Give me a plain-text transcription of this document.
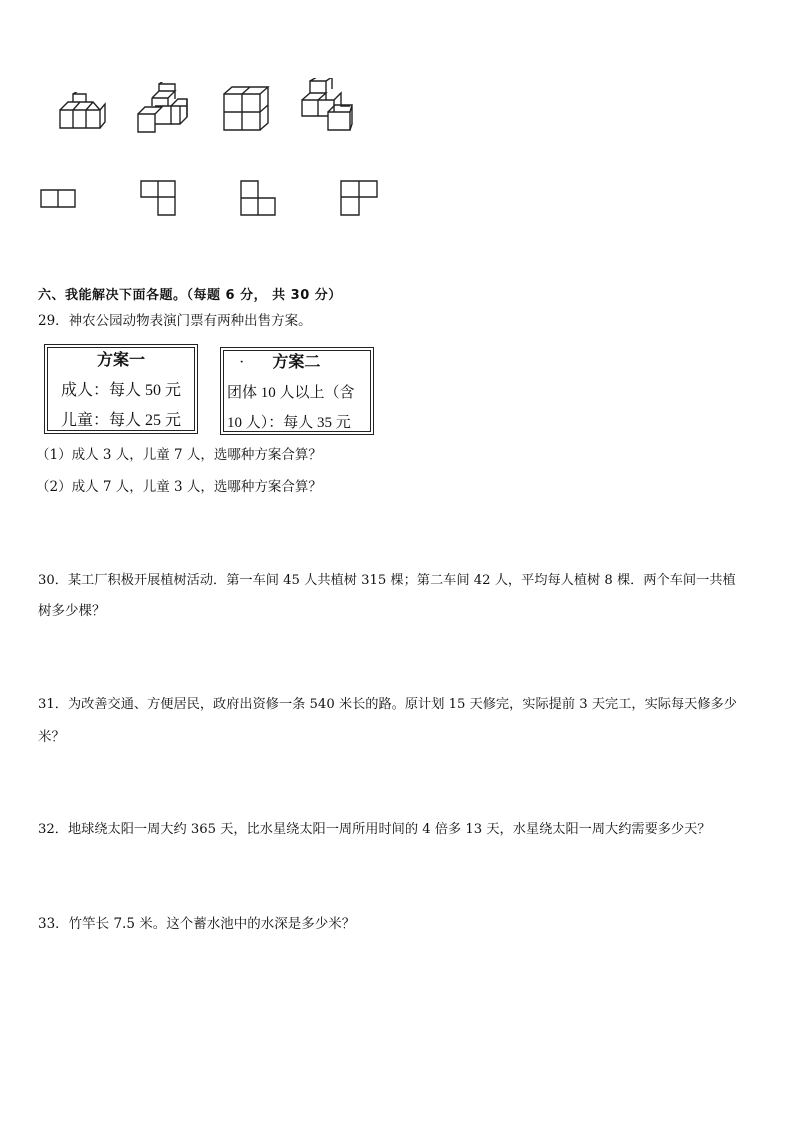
六、我能解决下面各题。（每题 6 分， 共 30 分）
29．神农公园动物表演门票有两种出售方案。
方案一
成人：每人 50 元
儿童：每人 25 元
· 方案二
团体 10 人以上（含
10 人）：每人 35 元
（1）成人 3 人，儿童 7 人，选哪种方案合算？
（2）成人 7 人，儿童 3 人，选哪种方案合算？
30．某工厂积极开展植树活动．第一车间 45 人共植树 315 棵；第二车间 42 人，平均每人植树 8 棵．两个车间一共植
树多少棵？
31．为改善交通、方便居民，政府出资修一条 540 米长的路。原计划 15 天修完，实际提前 3 天完工，实际每天修多少
米？
32．地球绕太阳一周大约 365 天，比水星绕太阳一周所用时间的 4 倍多 13 天，水星绕太阳一周大约需要多少天？
33．竹竿长 7.5 米。这个蓄水池中的水深是多少米？
